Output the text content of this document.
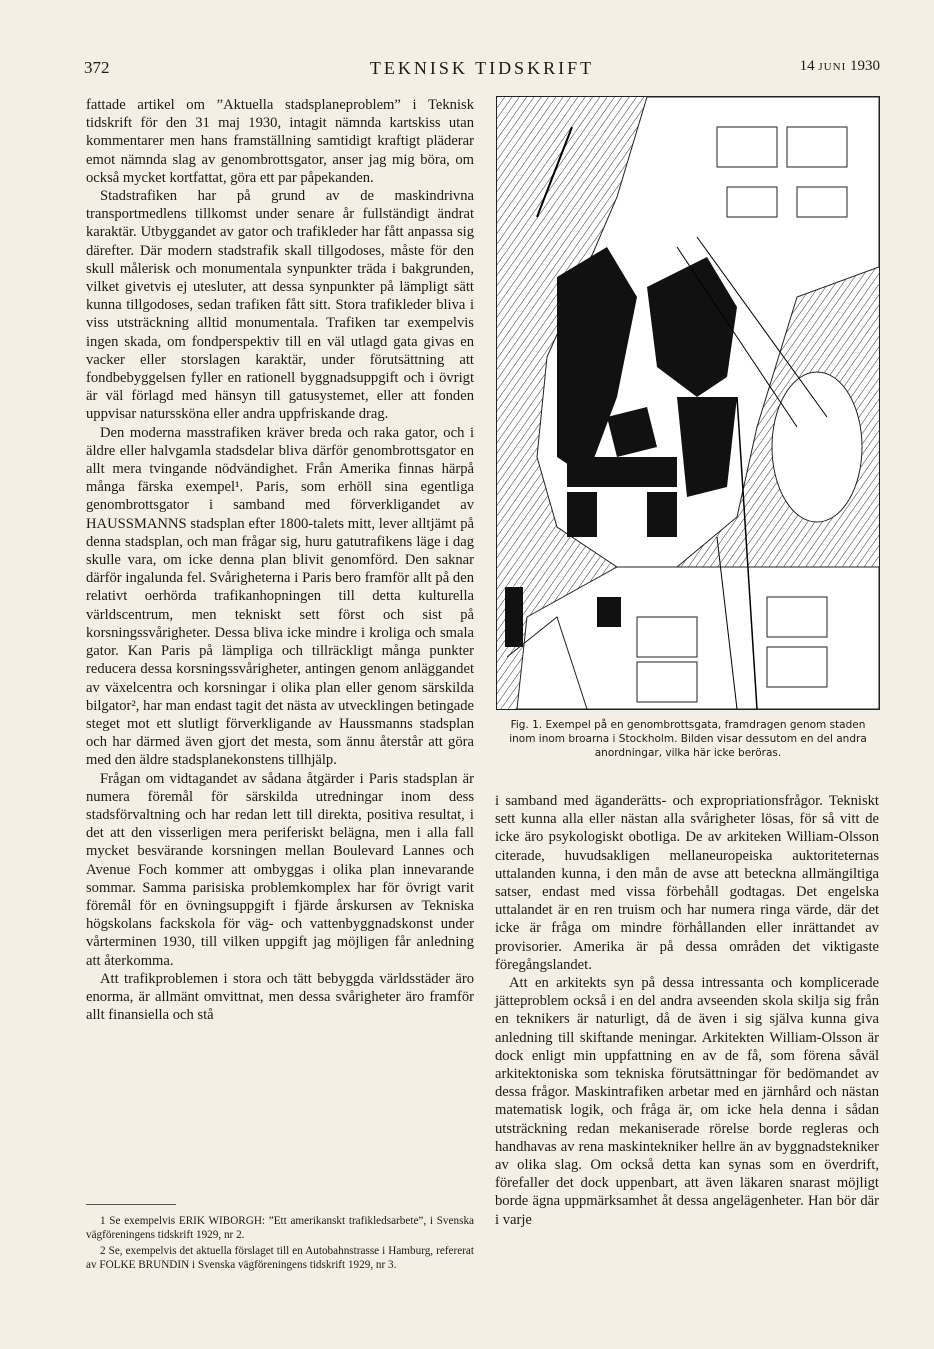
372	TEKNISK TIDSKRIFT	14 JUNI 1930

fattade artikel om ”Aktuella stadsplaneproblem” i Teknisk tidskrift för den 31 maj 1930, intagit nämnda kartskiss utan kommentarer men hans framställning samtidigt kraftigt pläderar emot nämnda slag av genombrottsgator, anser jag mig böra, om också mycket kortfattat, göra ett par påpekanden.

Stadstrafiken har på grund av de maskindrivna transportmedlens tillkomst under senare år fullständigt ändrat karaktär. Utbyggandet av gator och trafikleder har fått anpassa sig därefter. Där modern stadstrafik skall tillgodoses, måste för den skull målerisk och monumentala synpunkter träda i bakgrunden, vilket givetvis ej utesluter, att dessa synpunkter på lämpligt sätt kunna tillgodoses, sedan trafiken fått sitt. Stora trafikleder bliva i viss utsträckning alltid monumentala. Trafiken tar exempelvis ingen skada, om fondperspektiv till en väl utlagd gata givas en vacker eller storslagen karaktär, under förutsättning att fondbebyggelsen fyller en rationell byggnadsuppgift och i övrigt är väl förlagd med hänsyn till gatusystemet, eller att fonden uppvisar naturssköna eller andra uppfriskande drag.

Den moderna masstrafiken kräver breda och raka gator, och i äldre eller halvgamla stadsdelar bliva därför genombrottsgator en allt mera tvingande nödvändighet. Från Amerika finnas härpå många färska exempel¹. Paris, som erhöll sina egentliga genombrottsgator i samband med förverkligandet av HAUSSMANNS stadsplan efter 1800-talets mitt, lever alltjämt på denna stadsplan, och man frågar sig, huru gatutrafikens läge i dag skulle vara, om icke denna plan blivit genomförd. Den saknar därför ingalunda fel. Svårigheterna i Paris bero framför allt på den relativt oerhörda trafikanhopningen till detta kulturella världscentrum, men tekniskt sett först och sist på korsningssvårigheter. Dessa bliva icke mindre i kroliga och smala gator. Kan Paris på lämpliga och tillräckligt många punkter reducera dessa korsningssvårigheter, antingen genom anläggandet av växelcentra och korsningar i olika plan eller genom särskilda bilgator², har man endast tagit det nästa av utvecklingen betingade steget mot ett slutligt förverkligande av Haussmanns stadsplan och har därmed även gjort det mesta, som ännu återstår att göra med den äldre stadsplanekonstens tillhjälp.

Frågan om vidtagandet av sådana åtgärder i Paris stadsplan är numera föremål för särskilda utredningar inom dess stadsförvaltning och har redan lett till direkta, positiva resultat, i det att den visserligen mera periferiskt belägna, men i alla fall mycket besvärande korsningen mellan Boulevard Lannes och Avenue Foch kommer att ombyggas i olika plan innevarande sommar. Samma parisiska problemkomplex har för övrigt varit föremål för en övningsuppgift i fjärde årskursen av Tekniska högskolans fackskola för väg- och vattenbyggnadskonst under vårterminen 1930, till vilken uppgift jag möjligen får anledning att återkomma.

Att trafikproblemen i stora och tätt bebyggda världsstäder äro enorma, är allmänt omvittnat, men dessa svårigheter äro framför allt finansiella och stå

1 Se exempelvis ERIK WIBORGH: ”Ett amerikanskt trafikledsarbete”, i Svenska vägföreningens tidskrift 1929, nr 2.

2 Se, exempelvis det aktuella förslaget till en Autobahnstrasse i Hamburg, refererat av FOLKE BRUNDIN i Svenska vägföreningens tidskrift 1929, nr 3.

Fig. 1. Exempel på en genombrottsgata, framdragen genom staden inom inom broarna i Stockholm. Bilden visar dessutom en del andra anordningar, vilka här icke beröras.

i samband med äganderätts- och expropriationsfrågor. Tekniskt sett kunna alla eller nästan alla svårigheter lösas, för så vitt de icke äro psykologiskt obotliga. De av arkiteken William-Olsson citerade, huvudsakligen mellaneuropeiska auktoriteternas uttalanden kunna, i den mån de avse att beteckna allmängiltiga satser, endast med vissa förbehåll godtagas. Det engelska uttalandet är en ren truism och har numera ringa värde, där det icke är fråga om mindre förhållanden eller inrättandet av provisorier. Amerika är på dessa områden det viktigaste föregångslandet.

Att en arkitekts syn på dessa intressanta och komplicerade jätteproblem också i en del andra avseenden skola skilja sig från en teknikers är naturligt, då de även i sig själva kunna giva anledning till skiftande meningar. Arkitekten William-Olsson är dock enligt min uppfattning en av de få, som förena såväl arkitektoniska som tekniska förutsättningar för bedömandet av dessa frågor. Maskintrafiken arbetar med en järnhård och nästan matematisk logik, och fråga är, om icke hela denna i sådan utsträckning redan mekaniserade rörelse borde regleras och handhavas av rena maskintekniker hellre än av byggnadstekniker av olika slag. Om också detta kan synas som en överdrift, förefaller det dock uppenbart, att även läkaren snarast möjligt borde ägna uppmärksamhet åt dessa angelägenheter. Han bör där i varje
